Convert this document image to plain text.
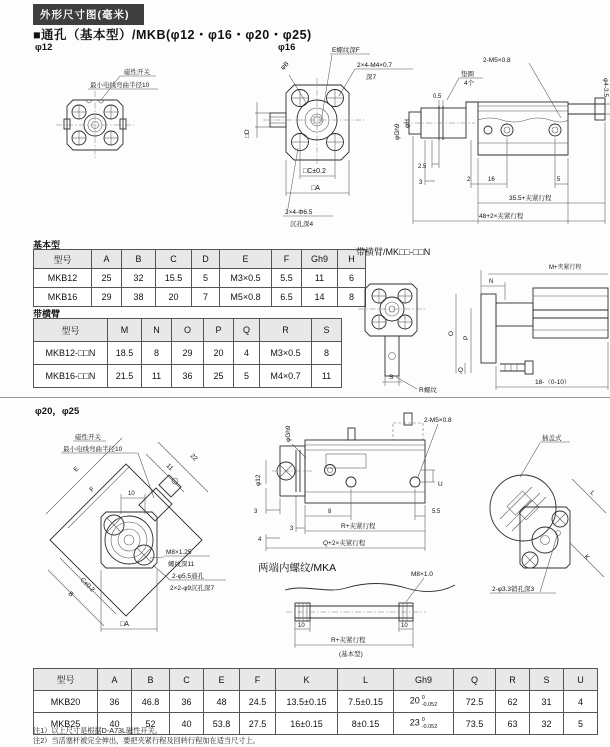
外形尺寸图(毫米)
■通孔（基本型）/MKB(φ12・φ16・φ20・φ25)
φ12	φ16
磁性开关
最小电线弯曲半径10
E螺纹深F
2×4-M4×0.7
深7
φB
□D
□C±0.2
□A
2×4-Φ6.5
沉孔深4
2-M5×0.8
垫圈
4个
0.5
φGh9 φH
φ4-3.5
2.5
3	2	16	5
35.5+夹紧行程
48+2×夹紧行程
基本型
型号	A	B	C	D	E	F	Gh9	H
MKB12	25	32	15.5	5	M3×0.5	5.5	11	6
MKB16	29	38	20	7	M5×0.8	6.5	14	8
带横臂
型号	M	N	O	P	Q	R	S
MKB12-□□N	18.5	8	29	20	4	M3×0.5	8
MKB16-□□N	21.5	11	36	25	5	M4×0.7	11
带横臂/MK□□-□□N
S
R螺纹
M+夹紧行程
N
O
P
Q
18-（0-10）
φ20，φ25
磁性开关
最小电线弯曲半径10
E
F
10
11
22
M8×1.25
螺纹深11
2-φ5.5通孔
2×2-φ9沉孔深7
C±0.2
B
□A
φGh9
φ12
2-M5×0.8
U
3	8	5.5
3
4
R+夹紧行程
Q+2×夹紧行程
插盖式
L
K
2-φ3.3销孔深3
两端内螺纹/MKA
M8×1.0
10	10
R+夹紧行程
(基本型)
型号	A	B	C	E	F	K	L	Gh9	Q	R	S	U
MKB20	36	46.8	36	48	24.5	13.5±0.15	7.5±0.15	20 0
-0.052	72.5	62	31	4
MKB25	40	52	40	53.8	27.5	16±0.15	8±0.15	23 0
-0.052	73.5	63	32	5
注1）以上尺寸是根据D-A73L磁性开关。
注2）当活塞杆被完全伸出，要把夹紧行程及回转行程加在适当尺寸上。
